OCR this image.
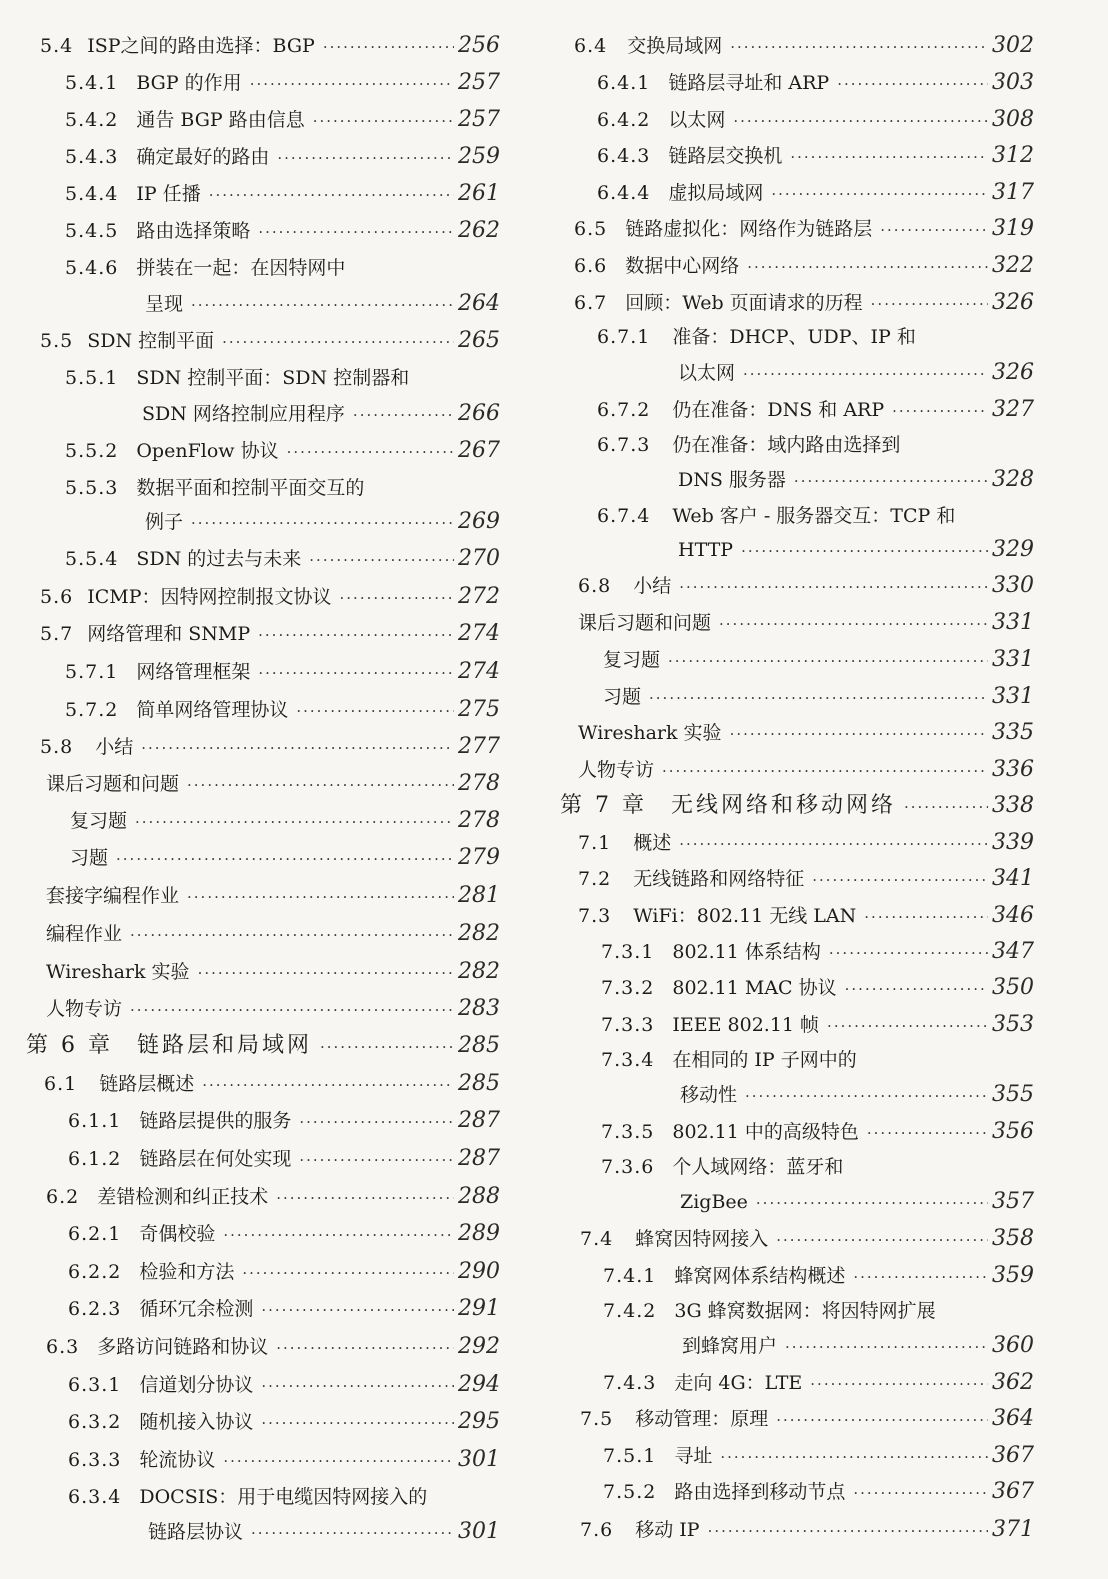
5.4 ISP之间的路由选择：BGP ·····	256
5.4.1 BGP 的作用 ·····	257
5.4.2 通告 BGP 路由信息 ·····	257
5.4.3 确定最好的路由 ·····	259
5.4.4 IP 任播 ·····	261
5.4.5 路由选择策略 ·····	262
5.4.6 拼装在一起：在因特网中
呈现 ·····	264
5.5 SDN 控制平面 ·····	265
5.5.1 SDN 控制平面：SDN 控制器和
SDN 网络控制应用程序 ·····	266
5.5.2 OpenFlow 协议 ·····	267
5.5.3 数据平面和控制平面交互的
例子 ·····	269
5.5.4 SDN 的过去与未来 ·····	270
5.6 ICMP：因特网控制报文协议 ·····	272
5.7 网络管理和 SNMP ·····	274
5.7.1 网络管理框架 ·····	274
5.7.2 简单网络管理协议 ·····	275
5.8 小结 ·····	277
课后习题和问题 ·····	278
复习题 ·····	278
习题 ·····	279
套接字编程作业 ·····	281
编程作业 ·····	282
Wireshark 实验 ·····	282
人物专访 ·····	283
第 6 章 链路层和局域网 ·····	285
6.1 链路层概述 ·····	285
6.1.1 链路层提供的服务 ·····	287
6.1.2 链路层在何处实现 ·····	287
6.2 差错检测和纠正技术 ·····	288
6.2.1 奇偶校验 ·····	289
6.2.2 检验和方法 ·····	290
6.2.3 循环冗余检测 ·····	291
6.3 多路访问链路和协议 ·····	292
6.3.1 信道划分协议 ·····	294
6.3.2 随机接入协议 ·····	295
6.3.3 轮流协议 ·····	301
6.3.4 DOCSIS：用于电缆因特网接入的
链路层协议 ·····	301
6.4 交换局域网 ·····	302
6.4.1 链路层寻址和 ARP ·····	303
6.4.2 以太网 ·····	308
6.4.3 链路层交换机 ·····	312
6.4.4 虚拟局域网 ·····	317
6.5 链路虚拟化：网络作为链路层 ·····	319
6.6 数据中心网络 ·····	322
6.7 回顾：Web 页面请求的历程 ·····	326
6.7.1 准备：DHCP、UDP、IP 和
以太网 ·····	326
6.7.2 仍在准备：DNS 和 ARP ·····	327
6.7.3 仍在准备：域内路由选择到
DNS 服务器 ·····	328
6.7.4 Web 客户 - 服务器交互：TCP 和
HTTP ·····	329
6.8 小结 ·····	330
课后习题和问题 ·····	331
复习题 ·····	331
习题 ·····	331
Wireshark 实验 ·····	335
人物专访 ·····	336
第 7 章 无线网络和移动网络 ·····	338
7.1 概述 ·····	339
7.2 无线链路和网络特征 ·····	341
7.3 WiFi：802.11 无线 LAN ·····	346
7.3.1 802.11 体系结构 ·····	347
7.3.2 802.11 MAC 协议 ·····	350
7.3.3 IEEE 802.11 帧 ·····	353
7.3.4 在相同的 IP 子网中的
移动性 ·····	355
7.3.5 802.11 中的高级特色 ·····	356
7.3.6 个人域网络：蓝牙和
ZigBee ·····	357
7.4 蜂窝因特网接入 ·····	358
7.4.1 蜂窝网体系结构概述 ·····	359
7.4.2 3G 蜂窝数据网：将因特网扩展
到蜂窝用户 ·····	360
7.4.3 走向 4G：LTE ·····	362
7.5 移动管理：原理 ·····	364
7.5.1 寻址 ·····	367
7.5.2 路由选择到移动节点 ·····	367
7.6 移动 IP ·····	371
